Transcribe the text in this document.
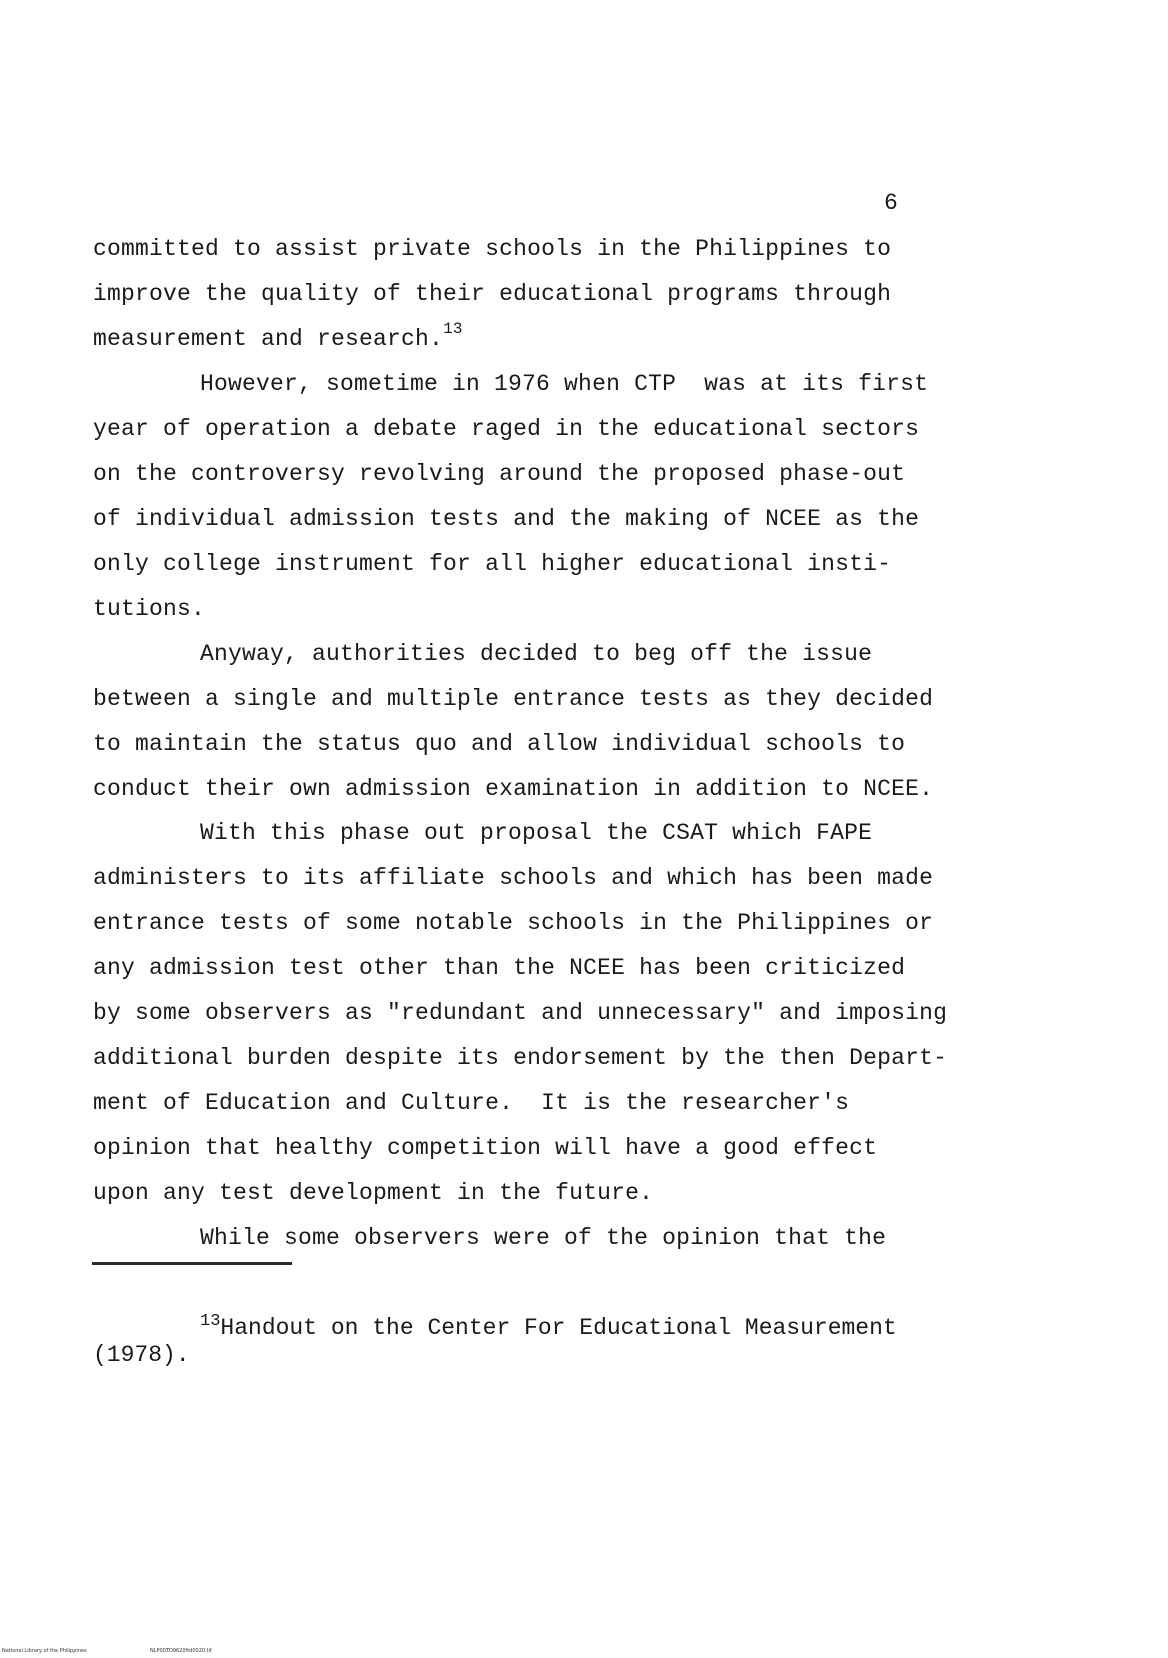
6
committed to assist private schools in the Philippines to
improve the quality of their educational programs through
measurement and research.$^{13}$
However, sometime in 1976 when CTP  was at its first
year of operation a debate raged in the educational sectors
on the controversy revolving around the proposed phase-out
of individual admission tests and the making of NCEE as the
only college instrument for all higher educational insti-
tutions.
Anyway, authorities decided to beg off the issue
between a single and multiple entrance tests as they decided
to maintain the status quo and allow individual schools to
conduct their own admission examination in addition to NCEE.
With this phase out proposal the CSAT which FAPE
administers to its affiliate schools and which has been made
entrance tests of some notable schools in the Philippines or
any admission test other than the NCEE has been criticized
by some observers as "redundant and unnecessary" and imposing
additional burden despite its endorsement by the then Depart-
ment of Education and Culture.  It is the researcher's
opinion that healthy competition will have a good effect
upon any test development in the future.
While some observers were of the opinion that the
$^{13}$Handout on the Center For Educational Measurement
(1978).
National Library of the Philippines	NLP00TD9620ftd0020.tif
